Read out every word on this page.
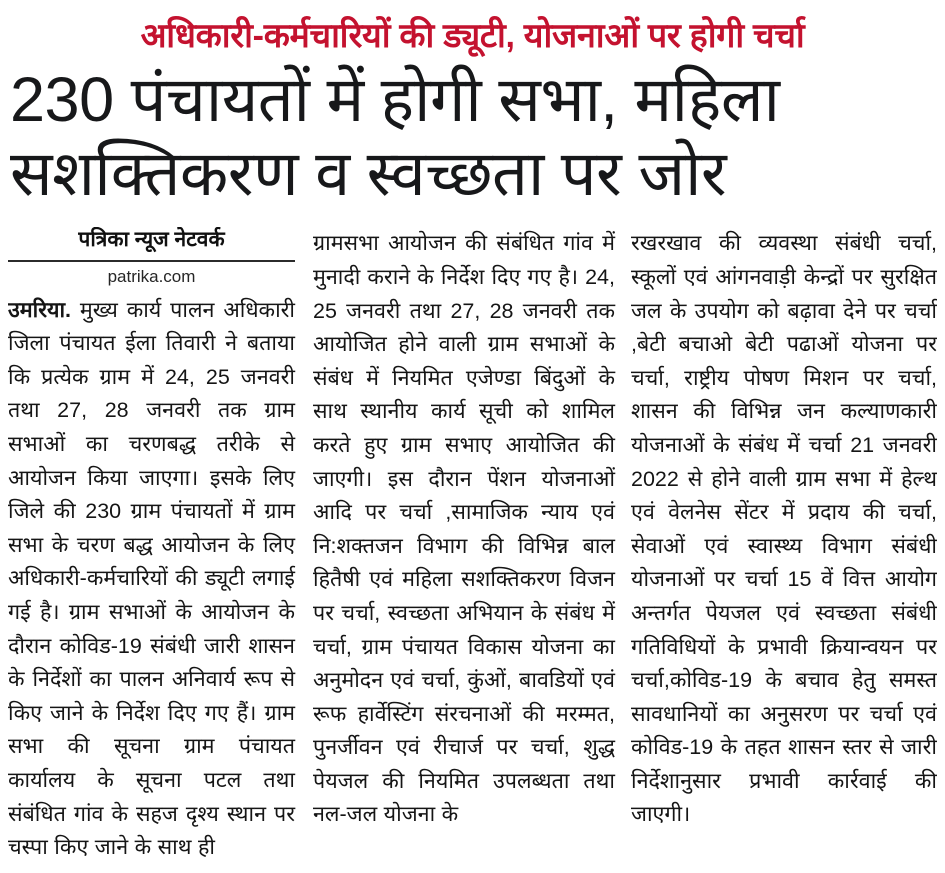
अधिकारी-कर्मचारियों की ड्यूटी, योजनाओं पर होगी चर्चा
230 पंचायतों में होगी सभा, महिला
सशक्तिकरण व स्वच्छता पर जोर
पत्रिका न्यूज नेटवर्क
patrika.com
उमरिया. मुख्य कार्य पालन अधिकारी जिला पंचायत ईला तिवारी ने बताया कि प्रत्येक ग्राम में 24, 25 जनवरी तथा 27, 28 जनवरी तक ग्राम सभाओं का चरणबद्ध तरीके से आयोजन किया जाएगा। इसके लिए जिले की 230 ग्राम पंचायतों में ग्राम सभा के चरण बद्ध आयोजन के लिए अधिकारी-कर्मचारियों की ड्यूटी लगाई गई है। ग्राम सभाओं के आयोजन के दौरान कोविड-19 संबंधी जारी शासन के निर्देशों का पालन अनिवार्य रूप से किए जाने के निर्देश दिए गए हैं। ग्राम सभा की सूचना ग्राम पंचायत कार्यालय के सूचना पटल तथा संबंधित गांव के सहज दृश्य स्थान पर चस्पा किए जाने के साथ ही
ग्रामसभा आयोजन की संबंधित गांव में मुनादी कराने के निर्देश दिए गए है। 24, 25 जनवरी तथा 27, 28 जनवरी तक आयोजित होने वाली ग्राम सभाओं के संबंध में नियमित एजेण्डा बिंदुओं के साथ स्थानीय कार्य सूची को शामिल करते हुए ग्राम सभाए आयोजित की जाएगी। इस दौरान पेंशन योजनाओं आदि पर चर्चा ,सामाजिक न्याय एवं नि:शक्तजन विभाग की विभिन्न बाल हितैषी एवं महिला सशक्तिकरण विजन पर चर्चा, स्वच्छता अभियान के संबंध में चर्चा, ग्राम पंचायत विकास योजना का अनुमोदन एवं चर्चा, कुंओं, बावडियों एवं रूफ हार्वेस्टिंग संरचनाओं की मरम्मत, पुनर्जीवन एवं रीचार्ज पर चर्चा, शुद्ध पेयजल की नियमित उपलब्धता तथा नल-जल योजना के
रखरखाव की व्यवस्था संबंधी चर्चा, स्कूलों एवं आंगनवाड़ी केन्द्रों पर सुरक्षित जल के उपयोग को बढ़ावा देने पर चर्चा ,बेटी बचाओ बेटी पढाओं योजना पर चर्चा, राष्ट्रीय पोषण मिशन पर चर्चा, शासन की विभिन्न जन कल्याणकारी योजनाओं के संबंध में चर्चा 21 जनवरी 2022 से होने वाली ग्राम सभा में हेल्थ एवं वेलनेस सेंटर में प्रदाय की चर्चा, सेवाओं एवं स्वास्थ्य विभाग संबंधी योजनाओं पर चर्चा 15 वें वित्त आयोग अन्तर्गत पेयजल एवं स्वच्छता संबंधी गतिविधियों के प्रभावी क्रियान्वयन पर चर्चा,कोविड-19 के बचाव हेतु समस्त सावधानियों का अनुसरण पर चर्चा एवं कोविड-19 के तहत शासन स्तर से जारी निर्देशानुसार प्रभावी कार्रवाई की जाएगी।
